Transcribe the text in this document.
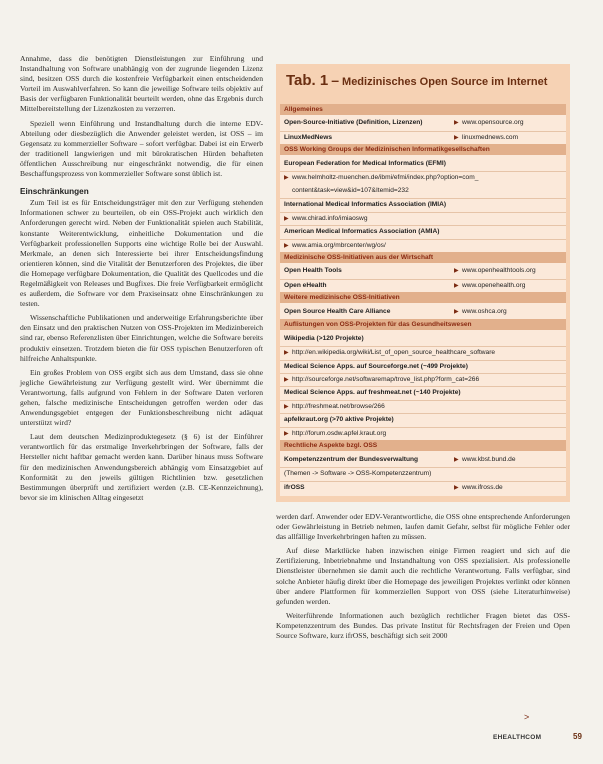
Annahme, dass die benötigten Dienstleistungen zur Einführung und Instandhaltung von Software unabhängig von der zugrunde liegenden Lizenz sind, besitzen OSS durch die kostenfreie Verfügbarkeit einen entscheidenden Vorteil im Auswahlverfahren. So kann die jeweilige Software teils objektiv auf Basis der verfügbaren Funktionalität beurteilt werden, ohne das Ergebnis durch Mittelbereitstellung der Lizenzkosten zu verzerren.

Speziell wenn Einführung und Instandhaltung durch die interne EDV-Abteilung oder diesbezüglich die Anwender geleistet werden, ist OSS – im Gegensatz zu kommerzieller Software – sofort verfügbar. Dabei ist ein Erwerb der traditionell langwierigen und mit bürokratischen Hürden behafteten öffentlichen Ausschreibung nur eingeschränkt notwendig, die für einen Beschaffungsprozess von kommerzieller Software sonst üblich ist.

Einschränkungen

Zum Teil ist es für Entscheidungsträger mit den zur Verfügung stehenden Informationen schwer zu beurteilen, ob ein OSS-Projekt auch wirklich den Anforderungen gerecht wird. Neben der Funktionalität spielen auch Stabilität, konstante Weiterentwicklung, einheitliche Dokumentation und die Verfügbarkeit professionellen Supports eine wichtige Rolle bei der Auswahl. Merkmale, an denen sich Interessierte bei ihrer Entscheidungsfindung orientieren können, sind die Vitalität der Benutzerforen des Projektes, die über die Homepage verfügbare Dokumentation, die Qualität des Quellcodes und die Regelmäßigkeit von Releases und Bugfixes. Die freie Verfügbarkeit ermöglicht es außerdem, die Software vor dem Praxiseinsatz ohne Einschränkungen zu testen.

Wissenschaftliche Publikationen und anderweitige Erfahrungsberichte über den Einsatz und den praktischen Nutzen von OSS-Projekten im Medizinbereich sind rar, ebenso Referenzlisten über Einrichtungen, welche die Software bereits produktiv einsetzen. Trotzdem bieten die für OSS typischen Benutzerforen oft hilfreiche Anhaltspunkte.

Ein großes Problem von OSS ergibt sich aus dem Umstand, dass sie ohne jegliche Gewährleistung zur Verfügung gestellt wird. Wer übernimmt die Verantwortung, falls aufgrund von Fehlern in der Software Daten verloren gehen, falsche medizinische Entscheidungen getroffen werden oder das Anwendungsgebiet entgegen der Funktionsbeschreibung nicht adäquat unterstützt wird?

Laut dem deutschen Medizinproduktegesetz (§ 6) ist der Einführer verantwortlich für das erstmalige Inverkehrbringen der Software, falls der Hersteller nicht haftbar gemacht werden kann. Darüber hinaus muss Software für den medizinischen Anwendungsbereich abhängig vom Einsatzgebiet auf Konformität zu den jeweils gültigen Richtlinien bzw. gesetzlichen Bestimmungen überprüft und zertifiziert werden (z.B. CE-Kennzeichnung), bevor sie im klinischen Alltag eingesetzt

Tab. 1 – Medizinisches Open Source im Internet
Allgemeines
Open-Source-Initiative (Definition, Lizenzen)	▶ www.opensource.org
LinuxMedNews	▶ linuxmednews.com
OSS Working Groups der Medizinischen Informatikgesellschaften
European Federation for Medical Informatics (EFMI)
▶ www.helmholtz-muenchen.de/ibmi/efmi/index.php?option=com_
content&task=view&id=107&Itemid=232
International Medical Informatics Association (IMIA)
▶ www.chirad.info/imiaoswg
American Medical Informatics Association (AMIA)
▶ www.amia.org/mbrcenter/wg/os/
Medizinische OSS-Initiativen aus der Wirtschaft
Open Health Tools	▶ www.openhealthtools.org
Open eHealth	▶ www.openehealth.org
Weitere medizinische OSS-Initiativen
Open Source Health Care Alliance	▶ www.oshca.org
Auflistungen von OSS-Projekten für das Gesundheitswesen
Wikipedia (>120 Projekte)
▶ http://en.wikipedia.org/wiki/List_of_open_source_healthcare_software
Medical Science Apps. auf Sourceforge.net (~499 Projekte)
▶ http://sourceforge.net/softwaremap/trove_list.php?form_cat=266
Medical Science Apps. auf freshmeat.net (~140 Projekte)
▶ http://freshmeat.net/browse/266
apfelkraut.org (>70 aktive Projekte)
▶ http://forum.osdw.apfel.kraut.org
Rechtliche Aspekte bzgl. OSS
Kompetenzzentrum der Bundesverwaltung	▶ www.kbst.bund.de
(Themen -> Software -> OSS-Kompetenzzentrum)
ifrOSS	▶ www.ifross.de

werden darf. Anwender oder EDV-Verantwortliche, die OSS ohne entsprechende Anforderungen oder Gewährleistung in Betrieb nehmen, laufen damit Gefahr, selbst für mögliche Fehler oder das allfällige Inverkehrbringen haften zu müssen.

Auf diese Marktlücke haben inzwischen einige Firmen reagiert und sich auf die Zertifizierung, Inbetriebnahme und Instandhaltung von OSS spezialisiert. Als professionelle Dienstleister übernehmen sie damit auch die rechtliche Verantwortung. Falls verfügbar, sind solche Anbieter häufig direkt über die Homepage des jeweiligen Projektes verlinkt oder können über andere Plattformen für kommerziellen Support von OSS (siehe Literaturhinweise) gefunden werden.

Weiterführende Informationen auch bezüglich rechtlicher Fragen bietet das OSS-Kompetenzzentrum des Bundes. Das private Institut für Rechtsfragen der Freien und Open Source Software, kurz ifrOSS, beschäftigt sich seit 2000

>
EHEALTHCOM	59
